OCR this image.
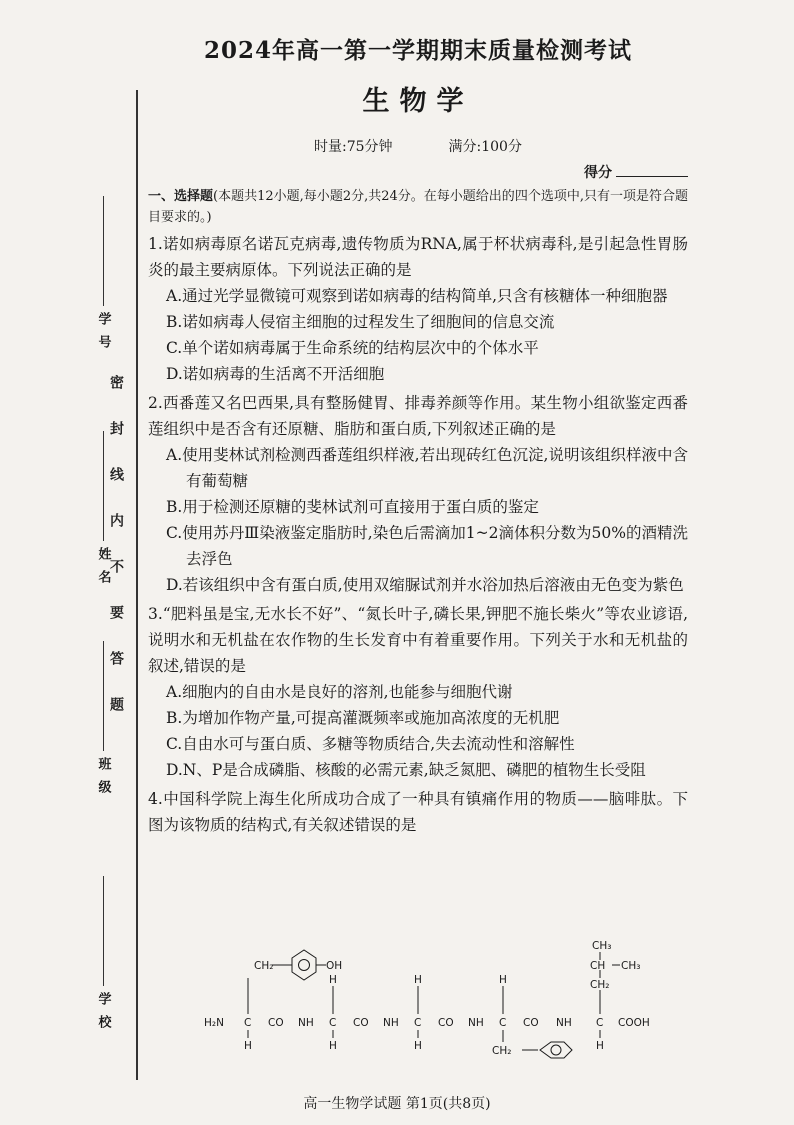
学号
姓名
班级
学校
密封线内不要答题
2024年高一第一学期期末质量检测考试
生物学
时量:75分钟	满分:100分
得分
一、选择题(本题共12小题,每小题2分,共24分。在每小题给出的四个选项中,只有一项是符合题目要求的。)
1.诺如病毒原名诺瓦克病毒,遗传物质为RNA,属于杯状病毒科,是引起急性胃肠炎的最主要病原体。下列说法正确的是
A.通过光学显微镜可观察到诺如病毒的结构简单,只含有核糖体一种细胞器
B.诺如病毒人侵宿主细胞的过程发生了细胞间的信息交流
C.单个诺如病毒属于生命系统的结构层次中的个体水平
D.诺如病毒的生活离不开活细胞
2.西番莲又名巴西果,具有整肠健胃、排毒养颜等作用。某生物小组欲鉴定西番莲组织中是否含有还原糖、脂肪和蛋白质,下列叙述正确的是
A.使用斐林试剂检测西番莲组织样液,若出现砖红色沉淀,说明该组织样液中含有葡萄糖
B.用于检测还原糖的斐林试剂可直接用于蛋白质的鉴定
C.使用苏丹Ⅲ染液鉴定脂肪时,染色后需滴加1~2滴体积分数为50%的酒精洗去浮色
D.若该组织中含有蛋白质,使用双缩脲试剂并水浴加热后溶液由无色变为紫色
3.“肥料虽是宝,无水长不好”、“氮长叶子,磷长果,钾肥不施长柴火”等农业谚语,说明水和无机盐在农作物的生长发育中有着重要作用。下列关于水和无机盐的叙述,错误的是
A.细胞内的自由水是良好的溶剂,也能参与细胞代谢
B.为增加作物产量,可提高灌溉频率或施加高浓度的无机肥
C.自由水可与蛋白质、多糖等物质结合,失去流动性和溶解性
D.N、P是合成磷脂、核酸的必需元素,缺乏氮肥、磷肥的植物生长受阻
4.中国科学院上海生化所成功合成了一种具有镇痛作用的物质——脑啡肽。下图为该物质的结构式,有关叙述错误的是
OH
CH₂
H₂N C CO NH C CO NH C CO NH C CO NH C COOH
H
H
H
H
H
H
CH₂	H
CH₃
CH CH₃
CH₂
高一生物学试题 第1页(共8页)
